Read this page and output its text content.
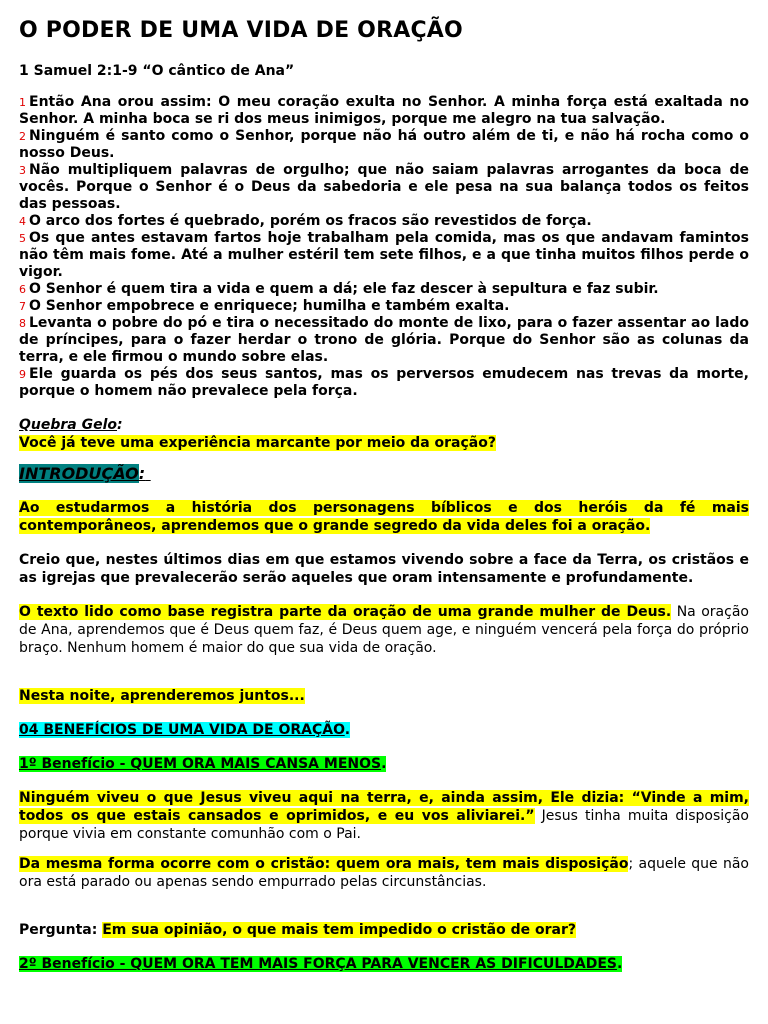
O PODER DE UMA VIDA DE ORAÇÃO
1 Samuel 2:1-9 “O cântico de Ana”
1 Então Ana orou assim: O meu coração exulta no Senhor. A minha força está exaltada no Senhor. A minha boca se ri dos meus inimigos, porque me alegro na tua salvação.
2 Ninguém é santo como o Senhor, porque não há outro além de ti, e não há rocha como o nosso Deus.
3 Não multipliquem palavras de orgulho; que não saiam palavras arrogantes da boca de vocês. Porque o Senhor é o Deus da sabedoria e ele pesa na sua balança todos os feitos das pessoas.
4 O arco dos fortes é quebrado, porém os fracos são revestidos de força.
5 Os que antes estavam fartos hoje trabalham pela comida, mas os que andavam famintos não têm mais fome. Até a mulher estéril tem sete filhos, e a que tinha muitos filhos perde o vigor.
6 O Senhor é quem tira a vida e quem a dá; ele faz descer à sepultura e faz subir.
7 O Senhor empobrece e enriquece; humilha e também exalta.
8 Levanta o pobre do pó e tira o necessitado do monte de lixo, para o fazer assentar ao lado de príncipes, para o fazer herdar o trono de glória. Porque do Senhor são as colunas da terra, e ele firmou o mundo sobre elas.
9 Ele guarda os pés dos seus santos, mas os perversos emudecem nas trevas da morte, porque o homem não prevalece pela força.
Quebra Gelo:
Você já teve uma experiência marcante por meio da oração?
INTRODUÇÃO:
Ao estudarmos a história dos personagens bíblicos e dos heróis da fé mais contemporâneos, aprendemos que o grande segredo da vida deles foi a oração.
Creio que, nestes últimos dias em que estamos vivendo sobre a face da Terra, os cristãos e as igrejas que prevalecerão serão aqueles que oram intensamente e profundamente.
O texto lido como base registra parte da oração de uma grande mulher de Deus. Na oração de Ana, aprendemos que é Deus quem faz, é Deus quem age, e ninguém vencerá pela força do próprio braço. Nenhum homem é maior do que sua vida de oração.
Nesta noite, aprenderemos juntos...
04 BENEFÍCIOS DE UMA VIDA DE ORAÇÃO.
1º Benefício - QUEM ORA MAIS CANSA MENOS.
Ninguém viveu o que Jesus viveu aqui na terra, e, ainda assim, Ele dizia: “Vinde a mim, todos os que estais cansados e oprimidos, e eu vos aliviarei.” Jesus tinha muita disposição porque vivia em constante comunhão com o Pai.
Da mesma forma ocorre com o cristão: quem ora mais, tem mais disposição; aquele que não ora está parado ou apenas sendo empurrado pelas circunstâncias.
Pergunta: Em sua opinião, o que mais tem impedido o cristão de orar?
2º Benefício - QUEM ORA TEM MAIS FORÇA PARA VENCER AS DIFICULDADES.
